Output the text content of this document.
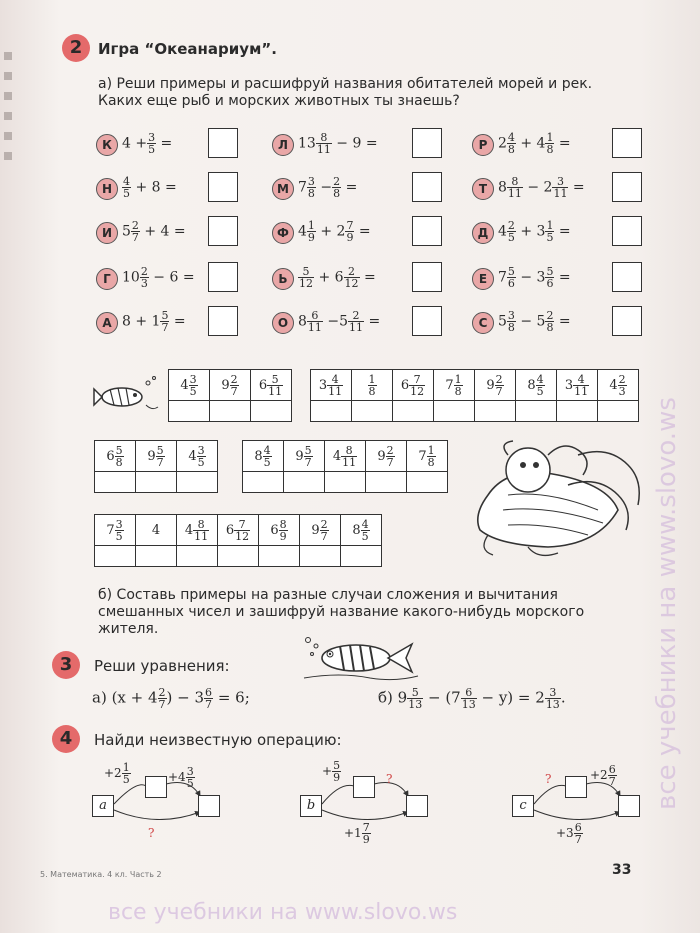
2	Игра “Океанариум”.
а) Реши примеры и расшифруй названия обитателей морей и рек.
Каких еще рыб и морских животных ты знаешь?
К $4 + \frac{3}{5}$ =	Л $13 \frac{8}{11} - 9$ =	Р $2 \frac{4}{8} + 4 \frac{1}{8}$ =
Н $\frac{4}{5} + 8$ =	М $7 \frac{3}{8} - \frac{2}{8}$ =	Т $8 \frac{8}{11} - 2 \frac{3}{11}$ =
И $5 \frac{2}{7} + 4$ =	Ф $4 \frac{1}{9} + 2 \frac{7}{9}$ =	Д $4 \frac{2}{5} + 3 \frac{1}{5}$ =
Г $10 \frac{2}{3} - 6$ =	Ь $\frac{5}{12} + 6 \frac{2}{12}$ =	Е $7 \frac{5}{6} - 3 \frac{5}{6}$ =
А $8 + 1 \frac{5}{7}$ =	О $8 \frac{6}{11} -5 \frac{2}{11}$ =	С $5 \frac{3}{8} - 5 \frac{2}{8}$ =
$4 \frac{3}{5}$	$9 \frac{2}{7}$	$6 \frac{5}{11}$

			$3 \frac{4}{11}$	$\frac{1}{8}$	$6 \frac{7}{12}$	$7 \frac{1}{8}$	$9 \frac{2}{7}$	$8 \frac{4}{5}$	$3 \frac{4}{11}$	$4 \frac{2}{3}$

$6 \frac{5}{8}$	$9 \frac{5}{7}$	$4 \frac{3}{5}$

			$8 \frac{4}{5}$	$9 \frac{5}{7}$	$4 \frac{8}{11}$	$9 \frac{2}{7}$	$7 \frac{1}{8}$

$7 \frac{3}{5}$	4	$4 \frac{8}{11}$	$6 \frac{7}{12}$	$6 \frac{8}{9}$	$9 \frac{2}{7}$	$8 \frac{4}{5}$

б) Составь примеры на разные случаи сложения и вычитания
смешанных чисел и зашифруй название какого-нибудь морского
жителя.
3	Реши уравнения:
а) ($x + 4 \frac{2}{7}$ ) − $3 \frac{6}{7} = 6$;	б) $9 \frac{5}{13} - (7 \frac{6}{13} - y) = 2 \frac{3}{13}$ .
4	Найди неизвестную операцию:
a
$+2 \frac{1}{5}$	$+4 \frac{3}{5}$
?
b
+ $\frac{5}{9}$	?
$+1 \frac{7}{9}$
c
?	$+2 \frac{6}{7}$
$+3 \frac{6}{7}$
5. Математика. 4 кл. Часть 2	33
все учебники на www.slovo.ws
все учебники на www.slovo.ws
